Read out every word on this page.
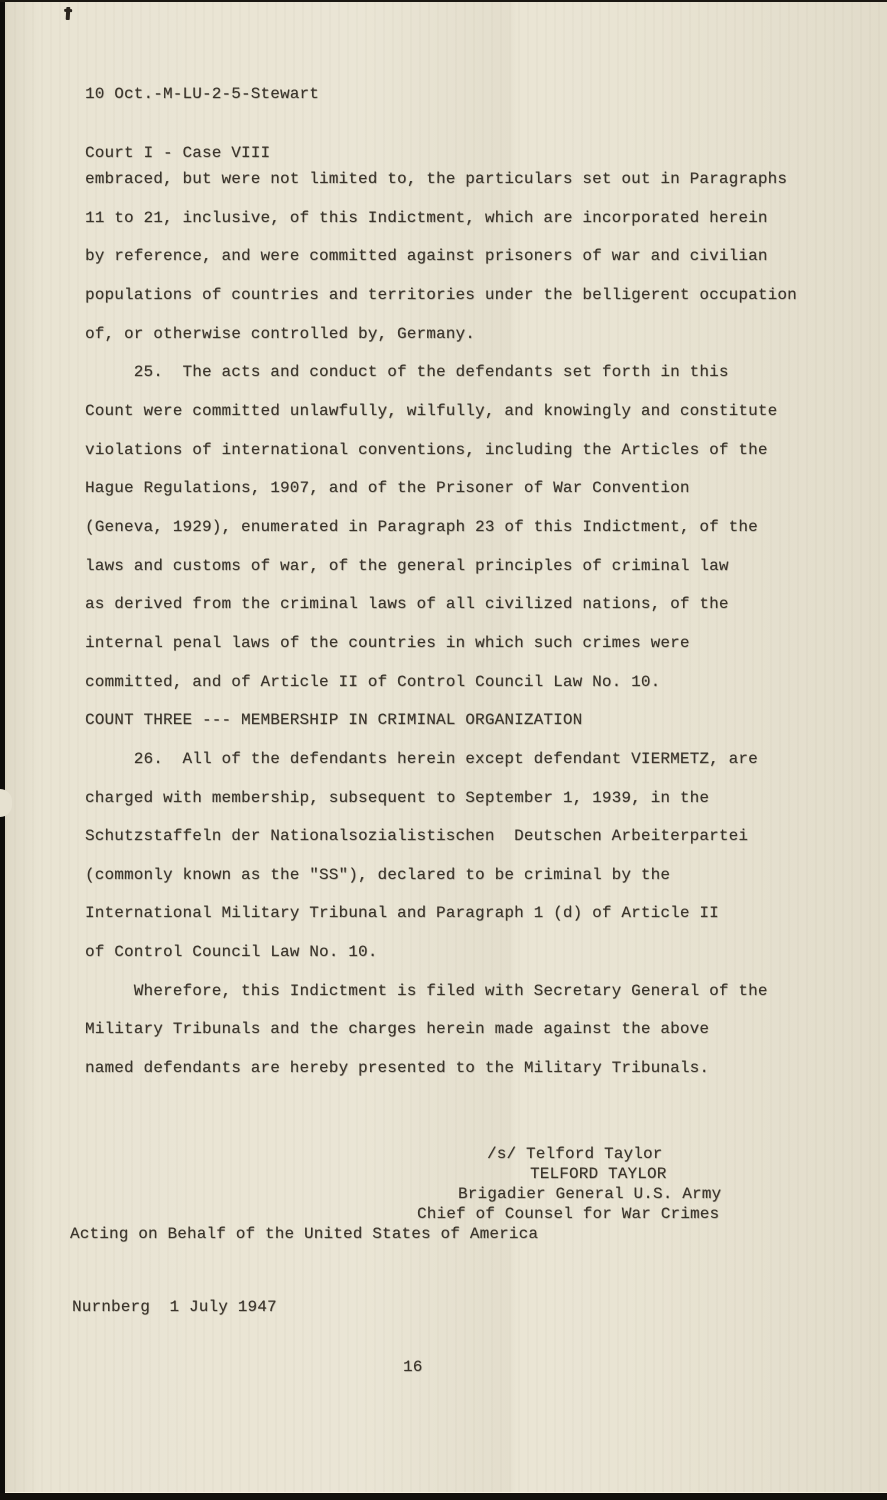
10 Oct.-M-LU-2-5-Stewart

Court I - Case VIII

embraced, but were not limited to, the particulars set out in Paragraphs
11 to 21, inclusive, of this Indictment, which are incorporated herein
by reference, and were committed against prisoners of war and civilian
populations of countries and territories under the belligerent occupation
of, or otherwise controlled by, Germany.
25.  The acts and conduct of the defendants set forth in this
Count were committed unlawfully, wilfully, and knowingly and constitute
violations of international conventions, including the Articles of the
Hague Regulations, 1907, and of the Prisoner of War Convention
(Geneva, 1929), enumerated in Paragraph 23 of this Indictment, of the
laws and customs of war, of the general principles of criminal law
as derived from the criminal laws of all civilized nations, of the
internal penal laws of the countries in which such crimes were
committed, and of Article II of Control Council Law No. 10.
COUNT THREE --- MEMBERSHIP IN CRIMINAL ORGANIZATION
26.  All of the defendants herein except defendant VIERMETZ, are
charged with membership, subsequent to September 1, 1939, in the
Schutzstaffeln der Nationalsozialistischen  Deutschen Arbeiterpartei
(commonly known as the "SS"), declared to be criminal by the
International Military Tribunal and Paragraph 1 (d) of Article II
of Control Council Law No. 10.
Wherefore, this Indictment is filed with Secretary General of the
Military Tribunals and the charges herein made against the above
named defendants are hereby presented to the Military Tribunals.
/s/ Telford Taylor
TELFORD TAYLOR
Brigadier General U.S. Army
Chief of Counsel for War Crimes
Acting on Behalf of the United States of America
Nurnberg  1 July 1947
16
